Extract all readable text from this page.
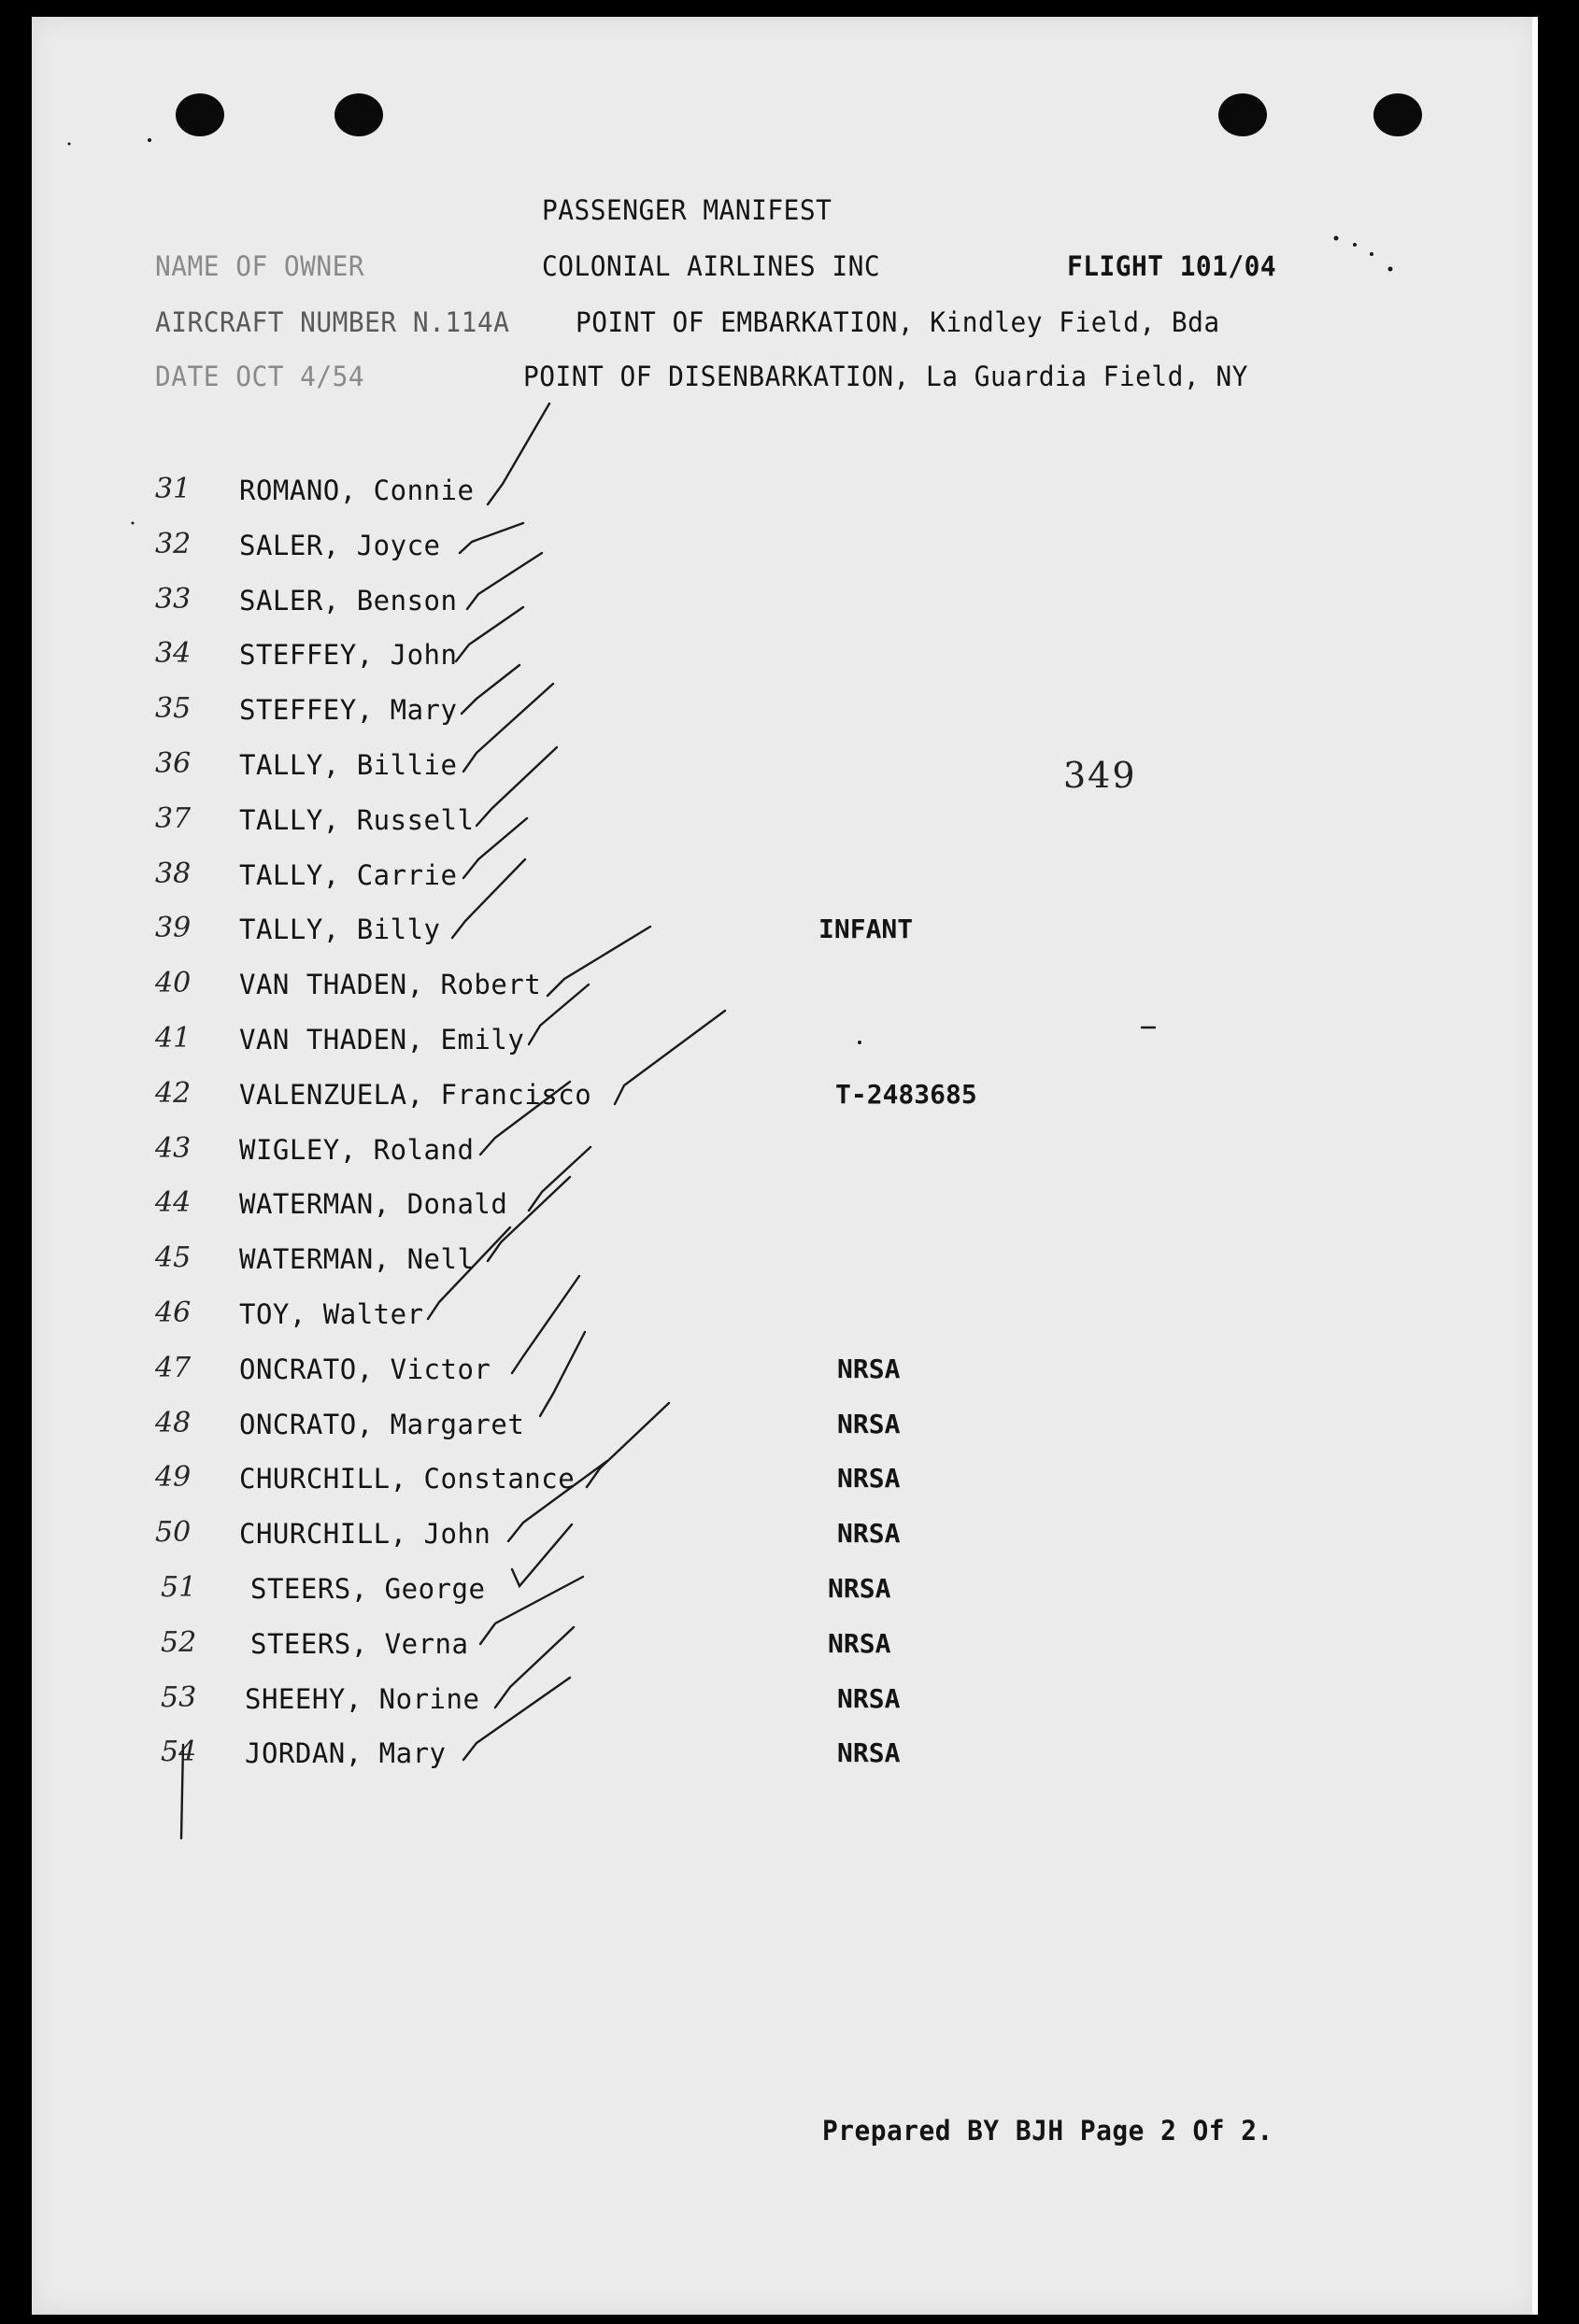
PASSENGER MANIFEST
NAME OF OWNER	COLONIAL AIRLINES INC	FLIGHT 101/04
AIRCRAFT NUMBER N.114A POINT OF EMBARKATION, Kindley Field, Bda
DATE OCT 4/54	POINT OF DISENBARKATION, La Guardia Field, NY
349
31 ROMANO, Connie
32 SALER, Joyce
33 SALER, Benson
34 STEFFEY, John
35 STEFFEY, Mary
36 TALLY, Billie
37 TALLY, Russell
38 TALLY, Carrie
39 TALLY, Billy	INFANT
40 VAN THADEN, Robert
41 VAN THADEN, Emily
42 VALENZUELA, Francisco	T-2483685
43 WIGLEY, Roland
44 WATERMAN, Donald
45 WATERMAN, Nell
46 TOY, Walter
47 ONCRATO, Victor	NRSA
48 ONCRATO, Margaret	NRSA
49 CHURCHILL, Constance	NRSA
50 CHURCHILL, John	NRSA
51 STEERS, George	NRSA
52 STEERS, Verna	NRSA
53 SHEEHY, Norine	NRSA
54 JORDAN, Mary	NRSA
Prepared BY BJH Page 2 Of 2.
